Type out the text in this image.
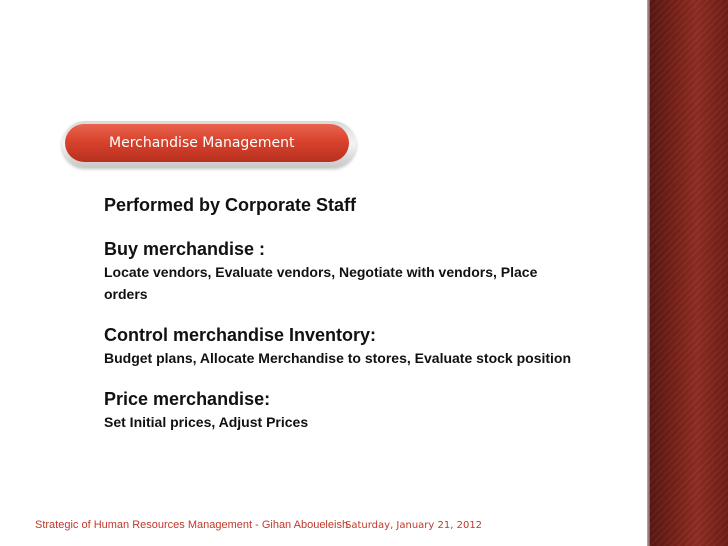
Merchandise Management

Performed by Corporate Staff

Buy merchandise :

Locate vendors, Evaluate vendors, Negotiate with vendors, Place orders

Control merchandise Inventory:

Budget plans, Allocate Merchandise to stores, Evaluate stock position

Price merchandise:

Set Initial prices, Adjust Prices

Strategic of Human Resources Management - Gihan Aboueleish
Saturday, January 21, 2012
